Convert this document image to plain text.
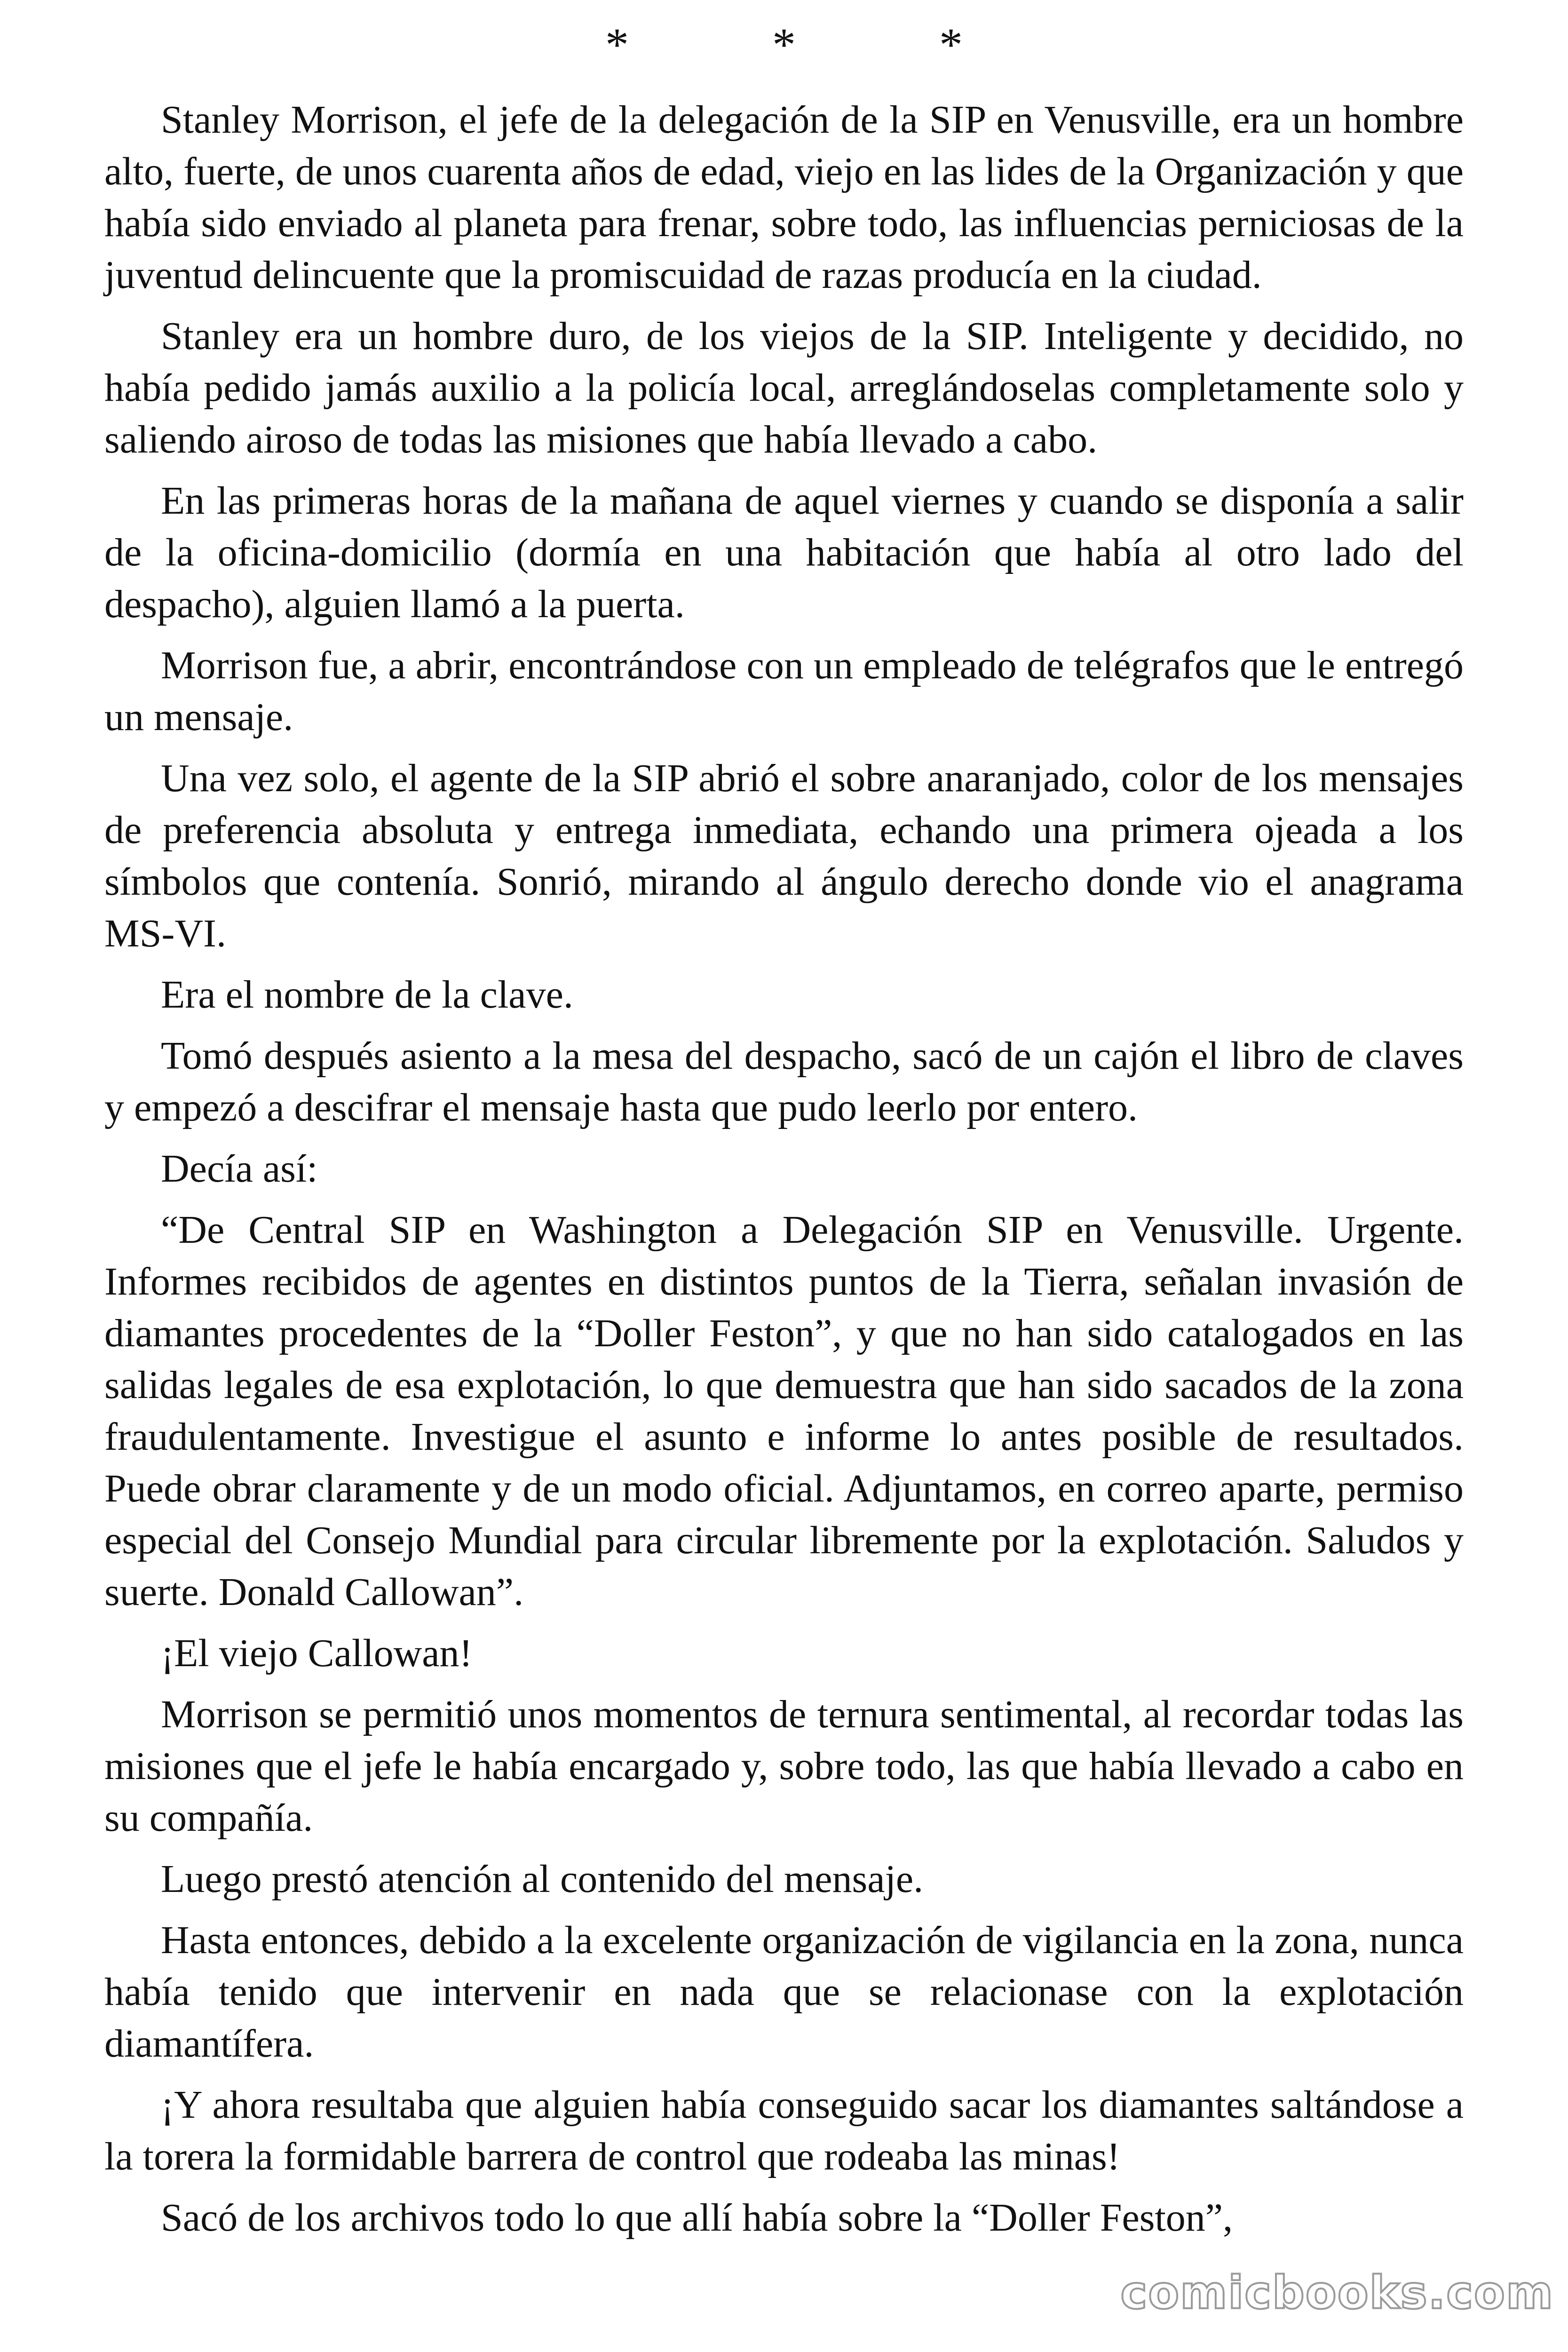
* * *

Stanley Morrison, el jefe de la delegación de la SIP en Venusville, era un hombre alto, fuerte, de unos cuarenta años de edad, viejo en las lides de la Organización y que había sido enviado al planeta para frenar, sobre todo, las influencias perniciosas de la juventud delincuente que la promiscuidad de razas producía en la ciudad.

Stanley era un hombre duro, de los viejos de la SIP. Inteligente y decidido, no había pedido jamás auxilio a la policía local, arreglándoselas completamente solo y saliendo airoso de todas las misiones que había llevado a cabo.

En las primeras horas de la mañana de aquel viernes y cuando se disponía a salir de la oficina-domicilio (dormía en una habitación que había al otro lado del despacho), alguien llamó a la puerta.

Morrison fue, a abrir, encontrándose con un empleado de telégrafos que le entregó un mensaje.

Una vez solo, el agente de la SIP abrió el sobre anaranjado, color de los mensajes de preferencia absoluta y entrega inmediata, echando una primera ojeada a los símbolos que contenía. Sonrió, mirando al ángulo derecho donde vio el anagrama MS-VI.

Era el nombre de la clave.

Tomó después asiento a la mesa del despacho, sacó de un cajón el libro de claves y empezó a descifrar el mensaje hasta que pudo leerlo por entero.

Decía así:

“De Central SIP en Washington a Delegación SIP en Venusville. Urgente. Informes recibidos de agentes en distintos puntos de la Tierra, señalan invasión de diamantes procedentes de la “Doller Feston”, y que no han sido catalogados en las salidas legales de esa explotación, lo que demuestra que han sido sacados de la zona fraudulentamente. Investigue el asunto e informe lo antes posible de resultados. Puede obrar claramente y de un modo oficial. Adjuntamos, en correo aparte, permiso especial del Consejo Mundial para circular libremente por la explotación. Saludos y suerte. Donald Callowan”.

¡El viejo Callowan!

Morrison se permitió unos momentos de ternura sentimental, al recordar todas las misiones que el jefe le había encargado y, sobre todo, las que había llevado a cabo en su compañía.

Luego prestó atención al contenido del mensaje.

Hasta entonces, debido a la excelente organización de vigilancia en la zona, nunca había tenido que intervenir en nada que se relacionase con la explotación diamantífera.

¡Y ahora resultaba que alguien había conseguido sacar los diamantes saltándose a la torera la formidable barrera de control que rodeaba las minas!

Sacó de los archivos todo lo que allí había sobre la “Doller Feston”,

comicbooks.com
